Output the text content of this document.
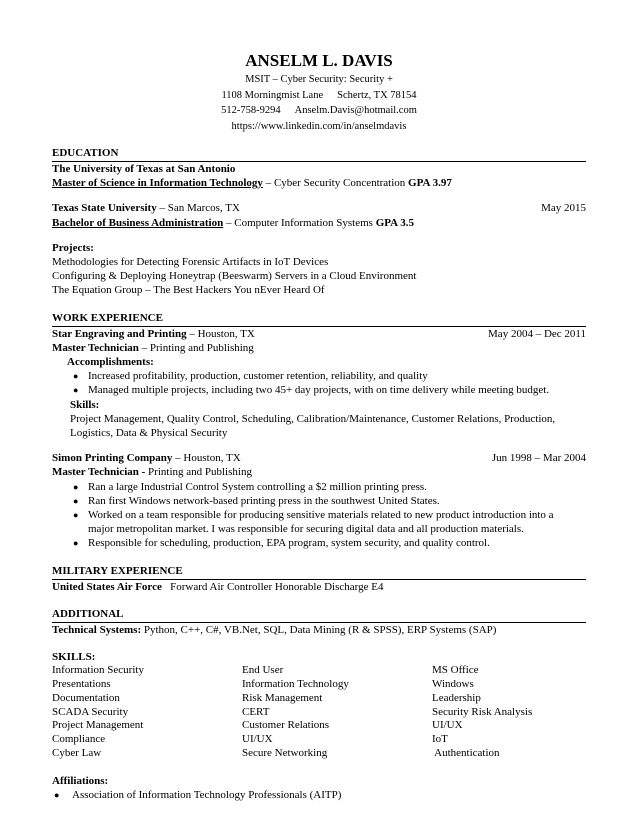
ANSELM L. DAVIS
MSIT – Cyber Security: Security +
1108 Morningmist Lane Schertz, TX 78154
512-758-9294 Anselm.Davis@hotmail.com
https://www.linkedin.com/in/anselmdavis
EDUCATION
The University of Texas at San Antonio
Master of Science in Information Technology – Cyber Security Concentration GPA 3.97
Texas State University – San Marcos, TX	May 2015
Bachelor of Business Administration – Computer Information Systems GPA 3.5
Projects:
Methodologies for Detecting Forensic Artifacts in IoT Devices
Configuring & Deploying Honeytrap (Beeswarm) Servers in a Cloud Environment
The Equation Group – The Best Hackers You nEver Heard Of
WORK EXPERIENCE
Star Engraving and Printing – Houston, TX	May 2004 – Dec 2011
Master Technician – Printing and Publishing
Accomplishments:
● Increased profitability, production, customer retention, reliability, and quality
● Managed multiple projects, including two 45+ day projects, with on time delivery while meeting budget.
Skills:
Project Management, Quality Control, Scheduling, Calibration/Maintenance, Customer Relations, Production,
Logistics, Data & Physical Security
Simon Printing Company – Houston, TX	Jun 1998 – Mar 2004
Master Technician - Printing and Publishing
● Ran a large Industrial Control System controlling a $2 million printing press.
● Ran first Windows network-based printing press in the southwest United States.
● Worked on a team responsible for producing sensitive materials related to new product introduction into a
major metropolitan market. I was responsible for securing digital data and all production materials.
● Responsible for scheduling, production, EPA program, system security, and quality control.
MILITARY EXPERIENCE
United States Air Force Forward Air Controller Honorable Discharge E4
ADDITIONAL
Technical Systems: Python, C++, C#, VB.Net, SQL, Data Mining (R & SPSS), ERP Systems (SAP)
SKILLS:
Information Security	End User	MS Office
Presentations	Information Technology	Windows
Documentation	Risk Management	Leadership
SCADA Security	CERT	Security Risk Analysis
Project Management	Customer Relations	UI/UX
Compliance	UI/UX	IoT
Cyber Law	Secure Networking	Authentication
Affiliations:
● Association of Information Technology Professionals (AITP)
